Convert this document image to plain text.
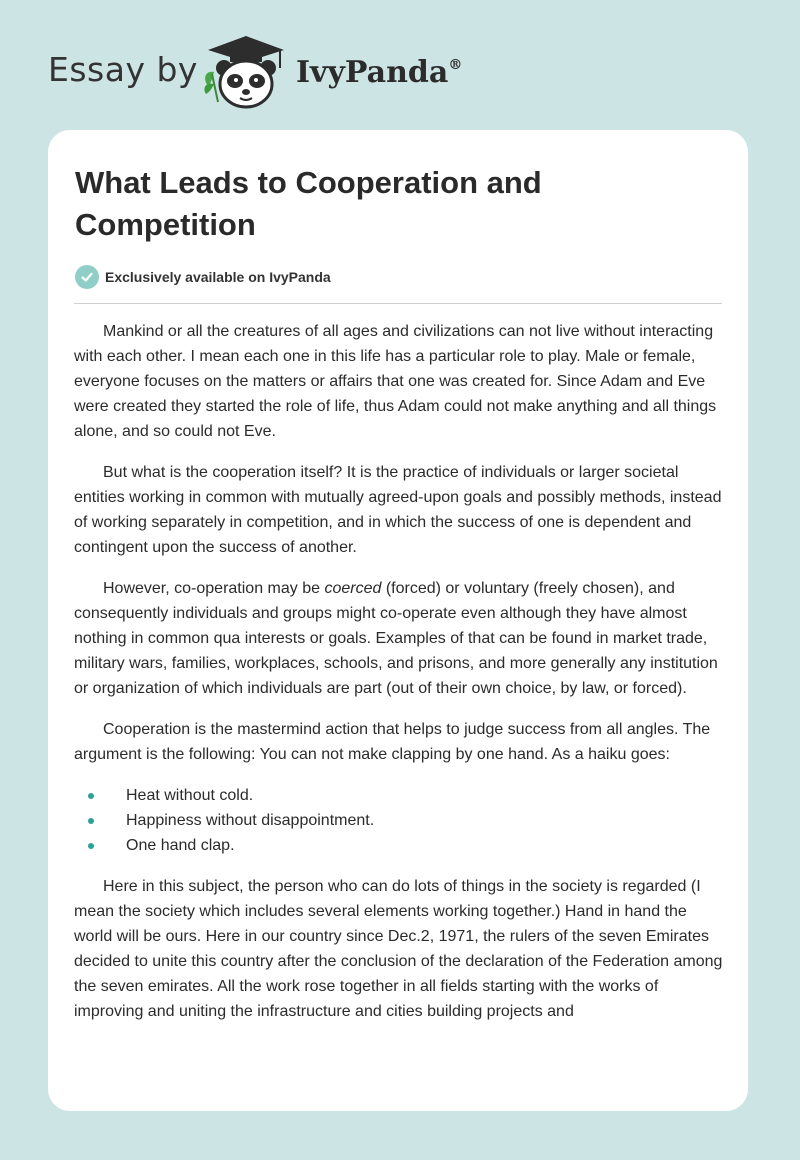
Essay by	IvyPanda®
What Leads to Cooperation and Competition
Exclusively available on IvyPanda

Mankind or all the creatures of all ages and civilizations can not live without interacting with each other. I mean each one in this life has a particular role to play. Male or female, everyone focuses on the matters or affairs that one was created for. Since Adam and Eve were created they started the role of life, thus Adam could not make anything and all things alone, and so could not Eve.

But what is the cooperation itself? It is the practice of individuals or larger societal entities working in common with mutually agreed-upon goals and possibly methods, instead of working separately in competition, and in which the success of one is dependent and contingent upon the success of another.

However, co-operation may be coerced (forced) or voluntary (freely chosen), and consequently individuals and groups might co-operate even although they have almost nothing in common qua interests or goals. Examples of that can be found in market trade, military wars, families, workplaces, schools, and prisons, and more generally any institution or organization of which individuals are part (out of their own choice, by law, or forced).

Cooperation is the mastermind action that helps to judge success from all angles. The argument is the following: You can not make clapping by one hand. As a haiku goes:

Heat without cold.
Happiness without disappointment.
One hand clap.

Here in this subject, the person who can do lots of things in the society is regarded (I mean the society which includes several elements working together.) Hand in hand the world will be ours. Here in our country since Dec.2, 1971, the rulers of the seven Emirates decided to unite this country after the conclusion of the declaration of the Federation among the seven emirates. All the work rose together in all fields starting with the works of improving and uniting the infrastructure and cities building projects and
